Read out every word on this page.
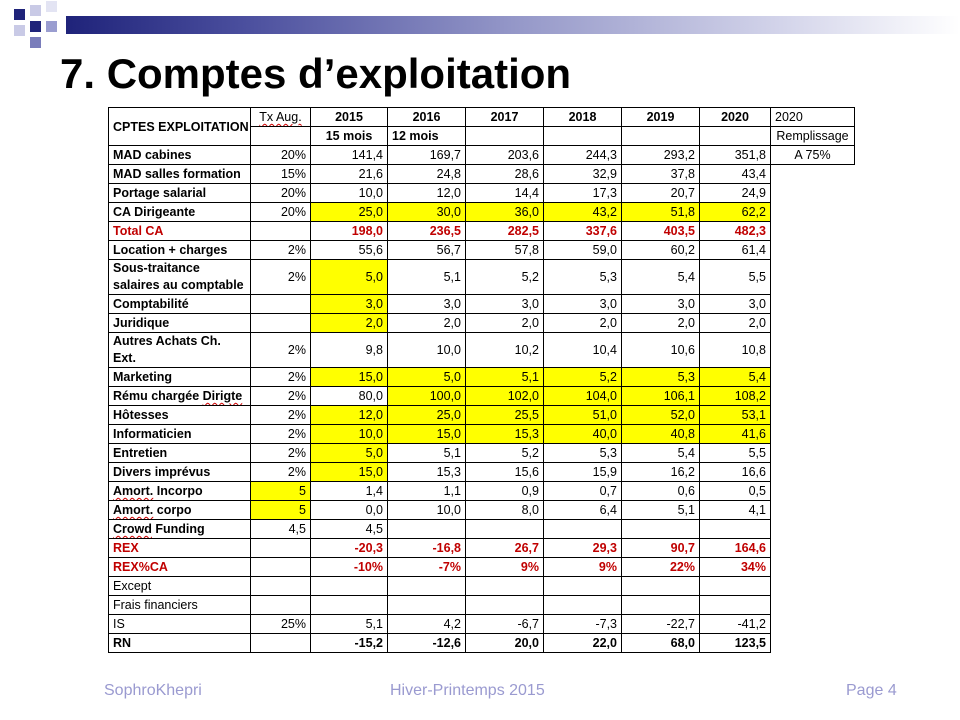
7. Comptes d’exploitation
CPTES EXPLOITATION	Tx Aug.	2015	2016	2017	2018	2019	2020	2020
		15 mois	12 mois					Remplissage
MAD cabines	20%	141,4	169,7	203,6	244,3	293,2	351,8	A 75%
MAD salles formation	15%	21,6	24,8	28,6	32,9	37,8	43,4	
Portage salarial	20%	10,0	12,0	14,4	17,3	20,7	24,9	
CA Dirigeante	20%	25,0	30,0	36,0	43,2	51,8	62,2	
Total CA		198,0	236,5	282,5	337,6	403,5	482,3	
Location + charges	2%	55,6	56,7	57,8	59,0	60,2	61,4	
Sous-traitance salaires au comptable	2%	5,0	5,1	5,2	5,3	5,4	5,5	
Comptabilité		3,0	3,0	3,0	3,0	3,0	3,0	
Juridique		2,0	2,0	2,0	2,0	2,0	2,0	
Autres Achats Ch. Ext.	2%	9,8	10,0	10,2	10,4	10,6	10,8	
Marketing	2%	15,0	5,0	5,1	5,2	5,3	5,4	
Rému chargée Dirigte	2%	80,0	100,0	102,0	104,0	106,1	108,2	
Hôtesses	2%	12,0	25,0	25,5	51,0	52,0	53,1	
Informaticien	2%	10,0	15,0	15,3	40,0	40,8	41,6	
Entretien	2%	5,0	5,1	5,2	5,3	5,4	5,5	
Divers imprévus	2%	15,0	15,3	15,6	15,9	16,2	16,6	
Amort. Incorpo	5	1,4	1,1	0,9	0,7	0,6	0,5	
Amort. corpo	5	0,0	10,0	8,0	6,4	5,1	4,1	
Crowd Funding	4,5	4,5						
REX		-20,3	-16,8	26,7	29,3	90,7	164,6	
REX%CA		-10%	-7%	9%	9%	22%	34%	
Except								
Frais financiers								
IS	25%	5,1	4,2	-6,7	-7,3	-22,7	-41,2	
RN		-15,2	-12,6	20,0	22,0	68,0	123,5	
SophroKhepri	Hiver-Printemps 2015	Page 4
